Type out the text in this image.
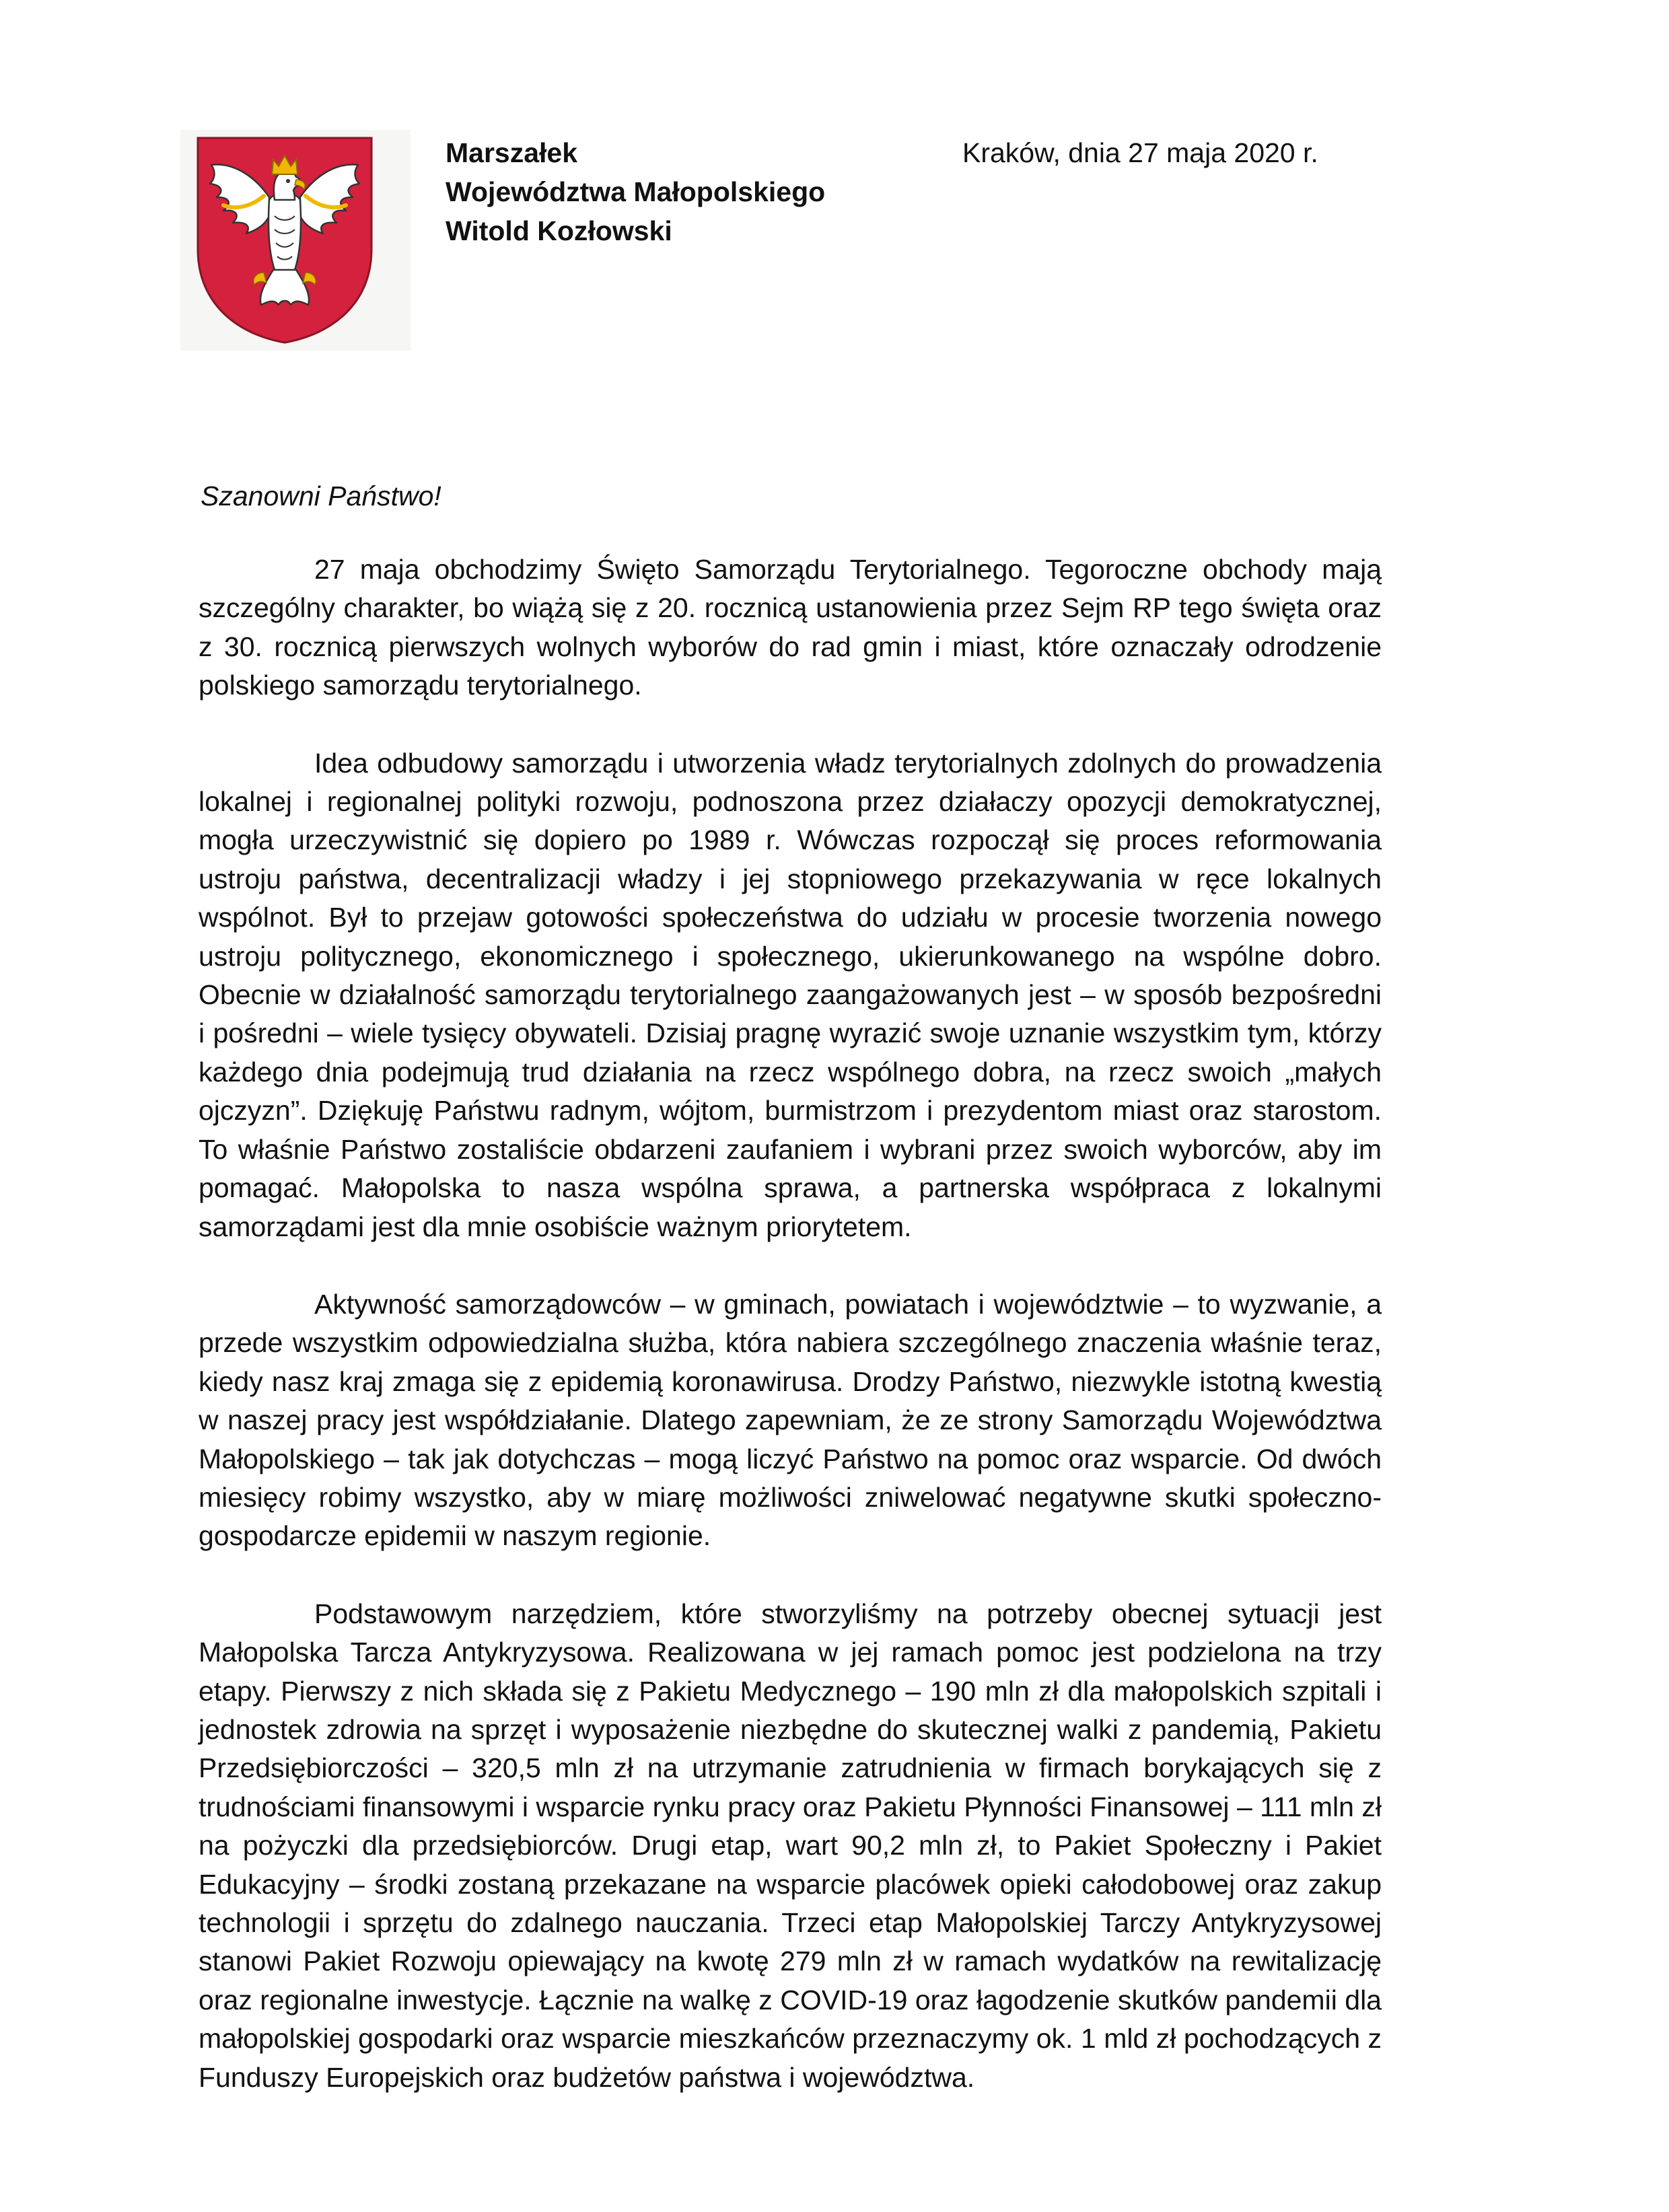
Marszałek
Województwa Małopolskiego
Witold Kozłowski
Kraków, dnia 27 maja 2020 r.
Szanowni Państwo!

27 maja obchodzimy Święto Samorządu Terytorialnego. Tegoroczne obchody mają szczególny charakter, bo wiążą się z 20. rocznicą ustanowienia przez Sejm RP tego święta oraz z 30. rocznicą pierwszych wolnych wyborów do rad gmin i miast, które oznaczały odrodzenie polskiego samorządu terytorialnego.

Idea odbudowy samorządu i utworzenia władz terytorialnych zdolnych do prowadzenia lokalnej i regionalnej polityki rozwoju, podnoszona przez działaczy opozycji demokratycznej, mogła urzeczywistnić się dopiero po 1989 r. Wówczas rozpoczął się proces reformowania ustroju państwa, decentralizacji władzy i jej stopniowego przekazywania w ręce lokalnych wspólnot. Był to przejaw gotowości społeczeństwa do udziału w procesie tworzenia nowego ustroju politycznego, ekonomicznego i społecznego, ukierunkowanego na wspólne dobro. Obecnie w działalność samorządu terytorialnego zaangażowanych jest – w sposób bezpośredni i pośredni – wiele tysięcy obywateli. Dzisiaj pragnę wyrazić swoje uznanie wszystkim tym, którzy każdego dnia podejmują trud działania na rzecz wspólnego dobra, na rzecz swoich „małych ojczyzn”. Dziękuję Państwu radnym, wójtom, burmistrzom i prezydentom miast oraz starostom. To właśnie Państwo zostaliście obdarzeni zaufaniem i wybrani przez swoich wyborców, aby im pomagać. Małopolska to nasza wspólna sprawa, a partnerska współpraca z lokalnymi samorządami jest dla mnie osobiście ważnym priorytetem.

Aktywność samorządowców – w gminach, powiatach i województwie – to wyzwanie, a przede wszystkim odpowiedzialna służba, która nabiera szczególnego znaczenia właśnie teraz, kiedy nasz kraj zmaga się z epidemią koronawirusa. Drodzy Państwo, niezwykle istotną kwestią w naszej pracy jest współdziałanie. Dlatego zapewniam, że ze strony Samorządu Województwa Małopolskiego – tak jak dotychczas – mogą liczyć Państwo na pomoc oraz wsparcie. Od dwóch miesięcy robimy wszystko, aby w miarę możliwości zniwelować negatywne skutki społeczno-gospodarcze epidemii w naszym regionie.

Podstawowym narzędziem, które stworzyliśmy na potrzeby obecnej sytuacji jest Małopolska Tarcza Antykryzysowa. Realizowana w jej ramach pomoc jest podzielona na trzy etapy. Pierwszy z nich składa się z Pakietu Medycznego – 190 mln zł dla małopolskich szpitali i jednostek zdrowia na sprzęt i wyposażenie niezbędne do skutecznej walki z pandemią, Pakietu Przedsiębiorczości – 320,5 mln zł na utrzymanie zatrudnienia w firmach borykających się z trudnościami finansowymi i wsparcie rynku pracy oraz Pakietu Płynności Finansowej – 111 mln zł na pożyczki dla przedsiębiorców. Drugi etap, wart 90,2 mln zł, to Pakiet Społeczny i Pakiet Edukacyjny – środki zostaną przekazane na wsparcie placówek opieki całodobowej oraz zakup technologii i sprzętu do zdalnego nauczania. Trzeci etap Małopolskiej Tarczy Antykryzysowej stanowi Pakiet Rozwoju opiewający na kwotę 279 mln zł w ramach wydatków na rewitalizację oraz regionalne inwestycje. Łącznie na walkę z COVID-19 oraz łagodzenie skutków pandemii dla małopolskiej gospodarki oraz wsparcie mieszkańców przeznaczymy ok. 1 mld zł pochodzących z Funduszy Europejskich oraz budżetów państwa i województwa.
